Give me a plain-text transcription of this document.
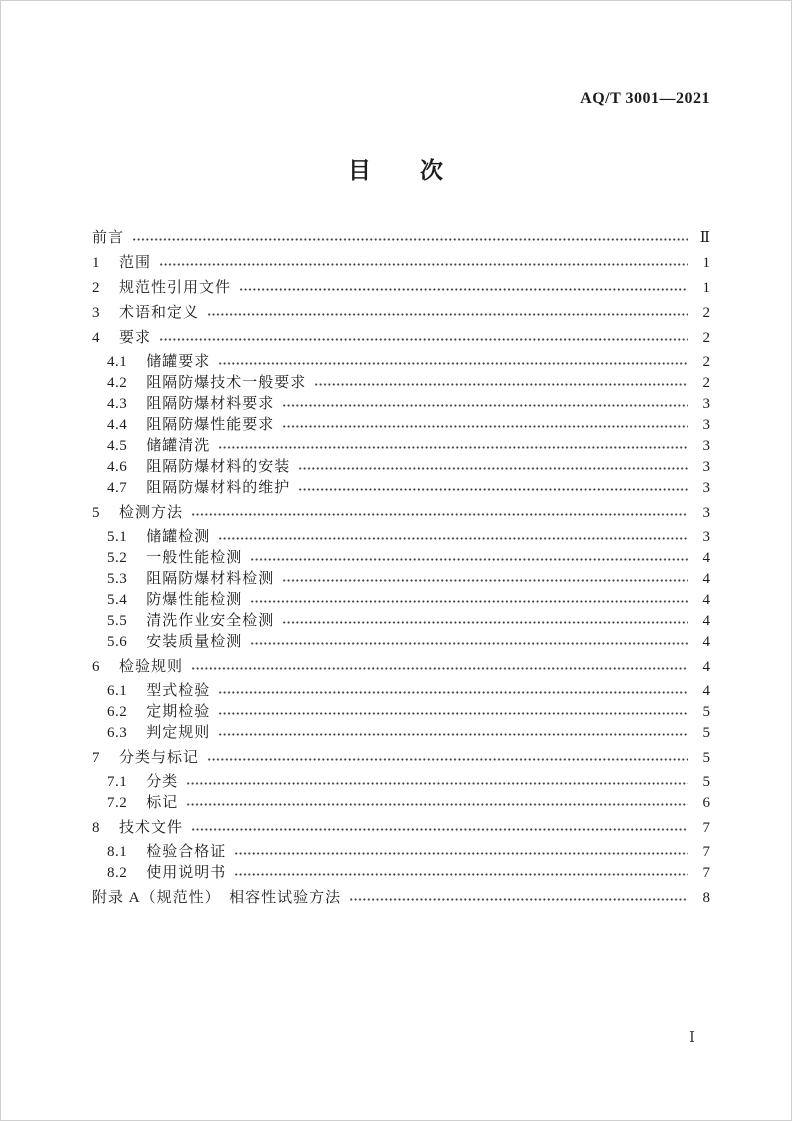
AQ/T 3001—2021
目　　次
前言	Ⅱ
1 范围	1
2 规范性引用文件	1
3 术语和定义	2
4 要求	2
4.1 储罐要求	2
4.2 阻隔防爆技术一般要求	2
4.3 阻隔防爆材料要求	3
4.4 阻隔防爆性能要求	3
4.5 储罐清洗	3
4.6 阻隔防爆材料的安装	3
4.7 阻隔防爆材料的维护	3
5 检测方法	3
5.1 储罐检测	3
5.2 一般性能检测	4
5.3 阻隔防爆材料检测	4
5.4 防爆性能检测	4
5.5 清洗作业安全检测	4
5.6 安装质量检测	4
6 检验规则	4
6.1 型式检验	4
6.2 定期检验	5
6.3 判定规则	5
7 分类与标记	5
7.1 分类	5
7.2 标记	6
8 技术文件	7
8.1 检验合格证	7
8.2 使用说明书	7
附录 A（规范性）　相容性试验方法	8
Ⅰ
